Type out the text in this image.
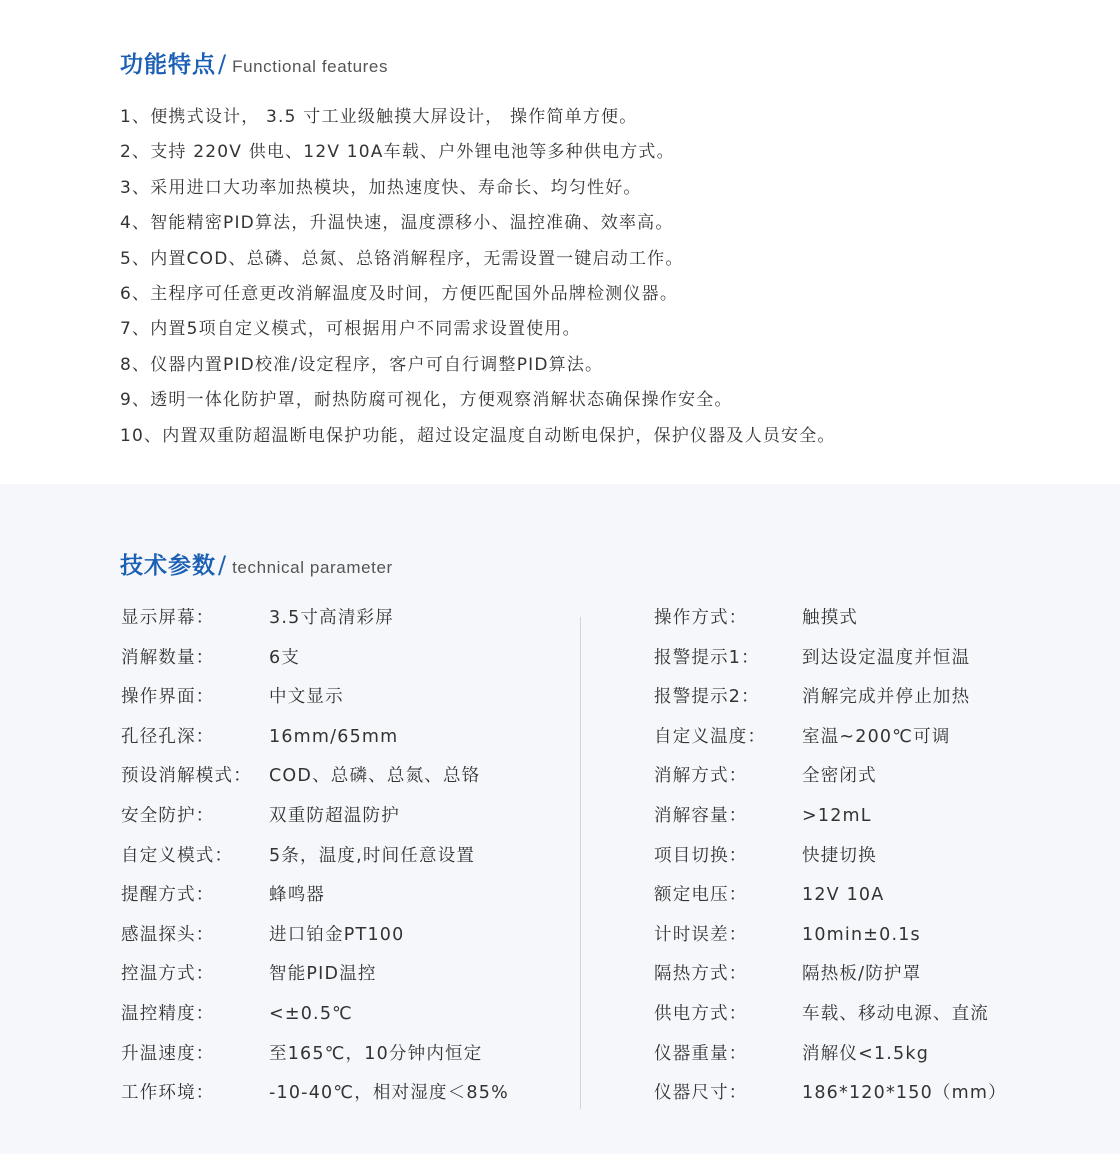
功能特点 / Functional features
1、便携式设计， 3.5 寸工业级触摸大屏设计， 操作简单方便。
2、支持 220V 供电、12V 10A车载、户外锂电池等多种供电方式。
3、采用进口大功率加热模块，加热速度快、寿命长、均匀性好。
4、智能精密PID算法，升温快速，温度漂移小、温控准确、效率高。
5、内置COD、总磷、总氮、总铬消解程序，无需设置一键启动工作。
6、主程序可任意更改消解温度及时间，方便匹配国外品牌检测仪器。
7、内置5项自定义模式，可根据用户不同需求设置使用。
8、仪器内置PID校准/设定程序，客户可自行调整PID算法。
9、透明一体化防护罩，耐热防腐可视化，方便观察消解状态确保操作安全。
10、内置双重防超温断电保护功能，超过设定温度自动断电保护，保护仪器及人员安全。
技术参数 / technical parameter
显示屏幕：	3.5寸高清彩屏
消解数量：	6支
操作界面：	中文显示
孔径孔深：	16mm/65mm
预设消解模式： COD、总磷、总氮、总铬
安全防护：	双重防超温防护
自定义模式： 5条，温度,时间任意设置
提醒方式：	蜂鸣器
感温探头：	进口铂金PT100
控温方式：	智能PID温控
温控精度：	<±0.5℃
升温速度：	至165℃，10分钟内恒定
工作环境：	-10-40℃，相对湿度＜85%
操作方式：	触摸式
报警提示1： 到达设定温度并恒温
报警提示2： 消解完成并停止加热
自定义温度： 室温~200℃可调
消解方式：	全密闭式
消解容量：	>12mL
项目切换：	快捷切换
额定电压：	12V 10A
计时误差：	10min±0.1s
隔热方式：	隔热板/防护罩
供电方式：	车载、移动电源、直流
仪器重量：	消解仪<1.5kg
仪器尺寸：	186*120*150（mm）
